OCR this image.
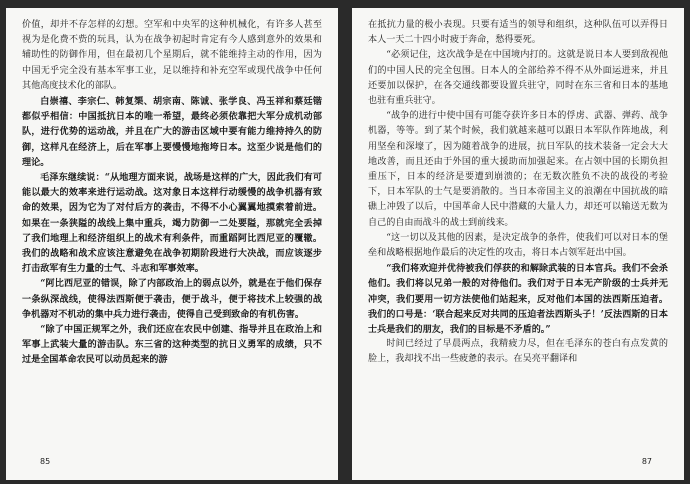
价值，却并不存怎样的幻想。空军和中央军的这种机械化，有许多人甚至视为是化费不赀的玩具，认为在战争初起时肯定有今人感到意外的效果和辅助性的防御作用，但在最初几个星期后，就不能维持主动的作用，因为中国无乎完全没有基本军事工业，足以维持和补充空军或现代战争中任何其他高度技术化的部队。

白崇禧、李宗仁、韩复榘、胡宗南、陈诚、张学良、冯玉祥和蔡廷锴都似乎相信：中国抵抗日本的唯一希望，最终必须依靠把大军分成机动部队，进行优势的运动战，并且在广大的游击区域中要有能力维持持久的防御，这样凡在经济上，后在军事上要慢慢地拖垮日本。这至少说是他们的理论。

毛泽东继续说：“从地理方面来说，战场是这样的广大，因此我们有可能以最大的效率来进行运动战。这对象日本这样行动缓慢的战争机器有致命的效果，因为它为了对付后方的袭击，不得不小心翼翼地摸索着前进。如果在一条狭隘的战线上集中重兵，竭力防御一二处要隘，那就完全丢掉了我们地理上和经济组织上的战术有利条件，而重蹈阿比西尼亚的覆辙。我们的战略和战术应该注意避免在战争初期阶段进行大决战，而应该逐步打击敌军有生力量的士气、斗志和军事效率。

“阿比西尼亚的错误，除了内部政治上的弱点以外，就是在于他们保存一条纵深战线，使得法西斯便于袭击，便于战斗，便于将技术上较强的战争机器对不机动的集中兵力进行袭击，使得自己受到致命的有机伤害。

“除了中国正规军之外，我们还应在农民中创建、指导并且在政治上和军事上武装大量的游击队。东三省的这种类型的抗日义勇军的成绩，只不过是全国革命农民可以动员起来的游

85

在抵抗力量的极小表现。只要有适当的领导和组织，这种队伍可以弄得日本人一天二十四小时疲于奔命，愁得要死。

“必须记住，这次战争是在中国境内打的。这就是说日本人要到敌视他们的中国人民的完全包围。日本人的全部给养不得不从外面运进来，并且还要加以保护，在各交通线都要设置兵驻守，同时在东三省和日本的基地也驻有重兵驻守。

“战争的进行中使中国有可能夺获许多日本的俘虏、武器、弹药、战争机器，等等。到了某个时候，我们就越来越可以跟日本军队作阵地战，利用坚垒和深壕了，因为随着战争的进展，抗日军队的技术装备一定会大大地改善，而且还由于外国的重大援助而加强起来。在占领中国的长期负担重压下，日本的经济是要遭到崩溃的；在无数次胜负不决的战役的考验下，日本军队的士气是要消散的。当日本帝国主义的浪潮在中国抗战的暗礁上冲毁了以后，中国革命人民中潜藏的大量人力，却还可以输送无数为自己的自由而战斗的战士到前线来。

“这一切以及其他的因素，是决定战争的条件，使我们可以对日本的堡垒和战略根据地作最后的决定性的攻击，将日本占领军赶出中国。

“我们将欢迎并优待被我们俘获的和解除武装的日本官兵。我们不会杀他们。我们将以兄弟一般的对待他们。我们对于日本无产阶级的士兵并无冲突，我们要用一切方法使他们站起来，反对他们本国的法西斯压迫者。我们的口号是：‘联合起来反对共同的压迫者法西斯头子！’反法西斯的日本士兵是我们的朋友，我们的目标是不矛盾的。”

时间已经过了早晨两点，我精疲力尽，但在毛泽东的苍白有点发黄的脸上，我却找不出一些疲惫的表示。在吴亮平翻译和

87
